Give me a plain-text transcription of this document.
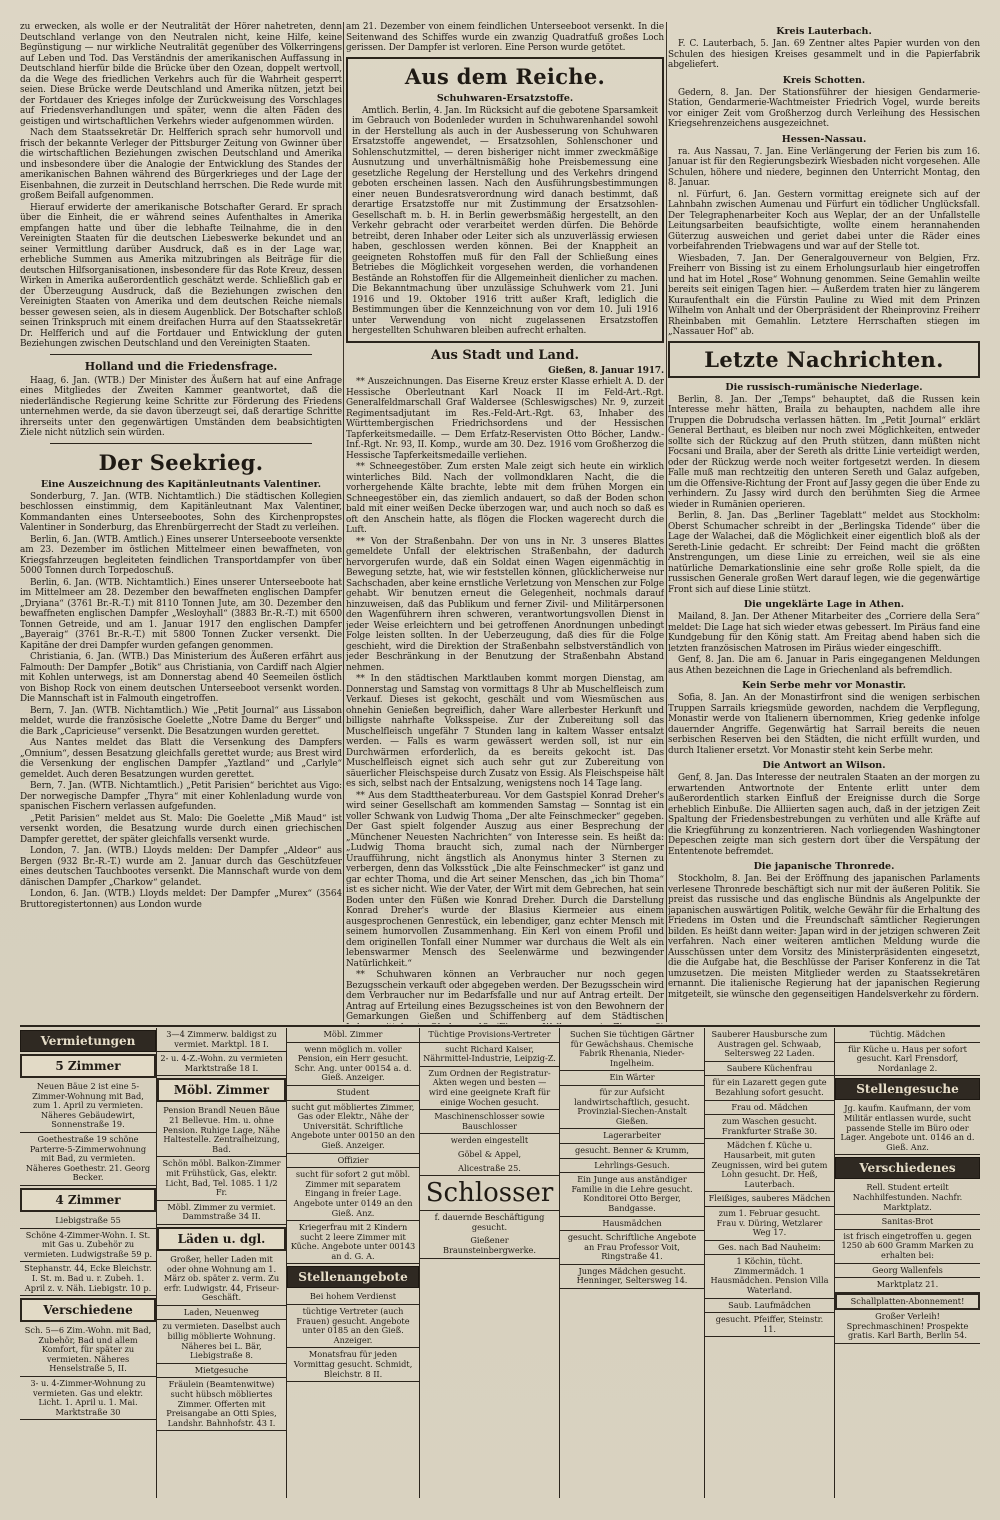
zu erwecken, als wolle er der Neutralität der Hörer nahetreten, denn Deutschland verlange von den Neutralen nicht, keine Hilfe, keine Begünstigung — nur wirkliche Neutralität gegenüber des Völkerringens auf Leben und Tod. Das Verständnis der amerikanischen Auffassung in Deutschland hierfür bilde die Brücke über den Ozean, doppelt wertvoll, da die Wege des friedlichen Verkehrs auch für die Wahrheit gesperrt seien. Diese Brücke werde Deutschland und Amerika nützen, jetzt bei der Fortdauer des Krieges infolge der Zurückweisung des Vorschlages auf Friedensverhandlungen und später, wenn die alten Fäden des geistigen und wirtschaftlichen Verkehrs wieder aufgenommen würden.

Nach dem Staatssekretär Dr. Helfferich sprach sehr humorvoll und frisch der bekannte Verleger der Pittsburger Zeitung von Gwinner über die wirtschaftlichen Beziehungen zwischen Deutschland und Amerika und insbesondere über die Analogie der Entwicklung des Standes der amerikanischen Bahnen während des Bürgerkrieges und der Lage der Eisenbahnen, die zurzeit in Deutschland herrschen. Die Rede wurde mit großem Beifall aufgenommen.

Hierauf erwiderte der amerikanische Botschafter Gerard. Er sprach über die Einheit, die er während seines Aufenthaltes in Amerika empfangen hatte und über die lebhafte Teilnahme, die in den Vereinigten Staaten für die deutschen Liebeswerke bekundet und an seiner Vermittlung darüber Ausdruck, daß es in der Lage war, erhebliche Summen aus Amerika mitzubringen als Beiträge für die deutschen Hilfsorganisationen, insbesondere für das Rote Kreuz, dessen Wirken in Amerika außerordentlich geschätzt werde. Schließlich gab er der Überzeugung Ausdruck, daß die Beziehungen zwischen den Vereinigten Staaten von Amerika und dem deutschen Reiche niemals besser gewesen seien, als in diesem Augenblick. Der Botschafter schloß seinen Trinkspruch mit einem dreifachen Hurra auf den Staatssekretär Dr. Helfferich und auf die Fortdauer und Entwicklung der guten Beziehungen zwischen Deutschland und den Vereinigten Staaten.

Holland und die Friedensfrage.

Haag, 6. Jan. (WTB.) Der Minister des Äußern hat auf eine Anfrage eines Mitgliedes der Zweiten Kammer geantwortet, daß die niederländische Regierung keine Schritte zur Förderung des Friedens unternehmen werde, da sie davon überzeugt sei, daß derartige Schritte ihrerseits unter den gegenwärtigen Umständen dem beabsichtigten Ziele nicht nützlich sein würden.

Der Seekrieg.
Eine Auszeichnung des Kapitänleutnants Valentiner.

Sonderburg, 7. Jan. (WTB. Nichtamtlich.) Die städtischen Kollegien beschlossen einstimmig, dem Kapitänleutnant Max Valentiner, Kommandanten eines Unterseebootes, Sohn des Kirchenpropstes Valentiner in Sonderburg, das Ehrenbürgerrecht der Stadt zu verleihen.

Berlin, 6. Jan. (WTB. Amtlich.) Eines unserer Unterseeboote versenkte am 23. Dezember im östlichen Mittelmeer einen bewaffneten, von Kriegsfahrzeugen begleiteten feindlichen Transportdampfer von über 5000 Tonnen durch Torpedoschuß.

Berlin, 6. Jan. (WTB. Nichtamtlich.) Eines unserer Unterseeboote hat im Mittelmeer am 28. Dezember den bewaffneten englischen Dampfer „Dryiana“ (3761 Br.-R.-T.) mit 8110 Tonnen Jute, am 30. Dezember den bewaffneten englischen Dampfer „Wesloyhall“ (3883 Br.-R.-T.) mit 6500 Tonnen Getreide, und am 1. Januar 1917 den englischen Dampfer „Bayeraig“ (3761 Br.-R.-T.) mit 5800 Tonnen Zucker versenkt. Die Kapitäne der drei Dampfer wurden gefangen genommen.

Christiania, 6. Jan. (WTB.) Das Ministerium des Äußeren erfährt aus Falmouth: Der Dampfer „Botik“ aus Christiania, von Cardiff nach Algier mit Kohlen unterwegs, ist am Donnerstag abend 40 Seemeilen östlich von Bishop Rock von einem deutschen Unterseeboot versenkt worden. Die Mannschaft ist in Falmouth eingetroffen.

Bern, 7. Jan. (WTB. Nichtamtlich.) Wie „Petit Journal“ aus Lissabon meldet, wurde die französische Goelette „Notre Dame du Berger“ und die Bark „Capricieuse“ versenkt. Die Besatzungen wurden gerettet.

Aus Nantes meldet das Blatt die Versenkung des Dampfers „Omnium“, dessen Besatzung gleichfalls gerettet wurde; aus Brest wird die Versenkung der englischen Dampfer „Yaztland“ und „Carlyle“ gemeldet. Auch deren Besatzungen wurden gerettet.

Bern, 7. Jan. (WTB. Nichtamtlich.) „Petit Parisien“ berichtet aus Vigo: Der norwegische Dampfer „Thyra“ mit einer Kohlenladung wurde von spanischen Fischern verlassen aufgefunden.

„Petit Parisien“ meldet aus St. Malo: Die Goelette „Miß Maud“ ist versenkt worden, die Besatzung wurde durch einen griechischen Dampfer gerettet, der später gleichfalls versenkt wurde.

London, 7. Jan. (WTB.) Lloyds melden: Der Dampfer „Aldeor“ aus Bergen (932 Br.-R.-T.) wurde am 2. Januar durch das Geschützfeuer eines deutschen Tauchbootes versenkt. Die Mannschaft wurde von dem dänischen Dampfer „Charkow“ gelandet.

London, 6. Jan. (WTB.) Lloyds meldet: Der Dampfer „Murex“ (3564 Bruttoregistertonnen) aus London wurde

am 21. Dezember von einem feindlichen Unterseeboot versenkt. In die Seitenwand des Schiffes wurde ein zwanzig Quadratfuß großes Loch gerissen. Der Dampfer ist verloren. Eine Person wurde getötet.

Aus dem Reiche.
Schuhwaren-Ersatzstoffe.

Amtlich. Berlin, 4. Jan. Im Rücksicht auf die gebotene Sparsamkeit im Gebrauch von Bodenleder wurden in Schuhwarenhandel sowohl in der Herstellung als auch in der Ausbesserung von Schuhwaren Ersatzstoffe angewendet, — Ersatzsohlen, Sohlenschoner und Sohlenschutzmittel, — deren bisheriger nicht immer zweckmäßige Ausnutzung und unverhältnismäßig hohe Preisbemessung eine gesetzliche Regelung der Herstellung und des Verkehrs dringend geboten erscheinen lassen. Nach den Ausführungsbestimmungen einer neuen Bundesratsverordnung wird danach bestimmt, daß derartige Ersatzstoffe nur mit Zustimmung der Ersatzsohlen-Gesellschaft m. b. H. in Berlin gewerbsmäßig hergestellt, an den Verkehr gebracht oder verarbeitet werden dürfen. Die Behörde betreibt, deren Inhaber oder Leiter sich als unzuverlässig erwiesen haben, geschlossen werden können. Bei der Knappheit an geeigneten Rohstoffen muß für den Fall der Schließung eines Betriebes die Möglichkeit vorgesehen werden, die vorhandenen Bestände an Rohstoffen für die Allgemeinheit dienlicher zu machen. Die Bekanntmachung über unzulässige Schuhwerk vom 21. Juni 1916 und 19. Oktober 1916 tritt außer Kraft, lediglich die Bestimmungen über die Kennzeichnung von vor dem 10. Juli 1916 unter Verwendung von nicht zugelassenen Ersatzstoffen hergestellten Schuhwaren bleiben aufrecht erhalten.

Aus Stadt und Land.

Gießen, 8. Januar 1917.

** Auszeichnungen. Das Eiserne Kreuz erster Klasse erhielt A. D. der Hessische Oberleutnant Karl Noack II im Feld-Art.-Rgt. Generalfeldmarschall Graf Waldersee (Schleswigsches) Nr. 9, zurzeit Regimentsadjutant im Res.-Feld-Art.-Rgt. 63, Inhaber des Württembergischen Friedrichsordens und der Hessischen Tapferkeitsmedaille. — Dem Erfatz-Reservisten Otto Böcher, Landw.-Inf.-Rgt. Nr. 93, II. Komp., wurde am 30. Dez. 1916 vom Großherzog die Hessische Tapferkeitsmedaille verliehen.

** Schneegestöber. Zum ersten Male zeigt sich heute ein wirklich winterliches Bild. Nach der vollmondklaren Nacht, die die vorhergehende Kälte brachte, lebte mit dem frühen Morgen ein Schneegestöber ein, das ziemlich andauert, so daß der Boden schon bald mit einer weißen Decke überzogen war, und auch noch so daß es oft den Anschein hatte, als flögen die Flocken wagerecht durch die Luft.

** Von der Straßenbahn. Der von uns in Nr. 3 unseres Blattes gemeldete Unfall der elektrischen Straßenbahn, der dadurch hervorgerufen wurde, daß ein Soldat einen Wagen eigenmächtig in Bewegung setzte, hat, wie wir feststellen können, glücklicherweise nur Sachschaden, aber keine ernstliche Verletzung von Menschen zur Folge gehabt. Wir benutzen erneut die Gelegenheit, nochmals darauf hinzuweisen, daß das Publikum und ferner Zivil- und Militärpersonen den Wagenführern ihren schweren, verantwortungsvollen Dienst in jeder Weise erleichtern und bei getroffenen Anordnungen unbedingt Folge leisten sollten. In der Ueberzeugung, daß dies für die Folge geschieht, wird die Direktion der Straßenbahn selbstverständlich von jeder Beschränkung in der Benutzung der Straßenbahn Abstand nehmen.

** In den städtischen Marktlauben kommt morgen Dienstag, am Donnerstag und Samstag von vormittags 8 Uhr ab Muschelfleisch zum Verkauf. Dieses ist gekocht, geschält und vom Wiesmüschen aus ohnehin Genießen begreiflich, daher Ware allerbester Herkunft und billigste nahrhafte Volksspeise. Zur der Zubereitung soll das Muschelfleisch ungefähr 7 Stunden lang in kaltem Wasser entsalzt werden. — Falls es warm gewässert werden soll, ist nur ein Durchwärmen erforderlich, da es bereits gekocht ist. Das Muschelfleisch eignet sich auch sehr gut zur Zubereitung von säuerlicher Fleischspeise durch Zusatz von Essig. Als Fleischspeise hält es sich, selbst nach der Entsalzung, wenigstens noch 14 Tage lang.

** Aus dem Stadttheaterbureau. Vor dem Gastspiel Konrad Dreher's wird seiner Gesellschaft am kommenden Samstag — Sonntag ist ein voller Schwank von Ludwig Thoma „Der alte Feinschmecker“ gegeben. Der Gast spielt folgender Auszug aus einer Besprechung der „Münchener Neuesten Nachrichten“ von Interesse sein. Es heißt da: „Ludwig Thoma braucht sich, zumal nach der Nürnberger Uraufführung, nicht ängstlich als Anonymus hinter 3 Sternen zu verbergen, denn das Volksstück „Die alte Feinschmecker“ ist ganz und gar echter Thoma, und die Art seiner Menschen, das „ich bin Thoma“ ist es sicher nicht. Wie der Vater, der Wirt mit dem Gebrechen, hat sein Boden unter den Füßen wie Konrad Dreher. Durch die Darstellung Konrad Dreher's wurde der Blasius Kiermeier aus einem ausgesprochenen Genrestück, ein lebendiger, ganz echter Mensch mit seinem humorvollen Zusammenhang. Ein Kerl von einem Profil und dem originellen Tonfall einer Nummer war durchaus die Welt als ein lebenswarmer Mensch des Seelenwärme und bezwingender Natürlichkeit.“

** Schuhwaren können an Verbraucher nur noch gegen Bezugsschein verkauft oder abgegeben werden. Der Bezugsschein wird dem Verbraucher nur im Bedarfsfalle und nur auf Antrag erteilt. Der Antrag auf Erteilung eines Bezugsscheines ist von den Bewohnern der Gemarkungen Gießen und Schiffenberg auf dem Städtischen

Kreis Lauterbach.

F. C. Lauterbach, 5. Jan. 69 Zentner altes Papier wurden von den Schulen des hiesigen Kreises gesammelt und in die Papierfabrik abgeliefert.

Kreis Schotten.

Gedern, 8. Jan. Der Stationsführer der hiesigen Gendarmerie-Station, Gendarmerie-Wachtmeister Friedrich Vogel, wurde bereits vor einiger Zeit vom Großherzog durch Verleihung des Hessischen Kriegsehrenzeichens ausgezeichnet.

Hessen-Nassau.

ra. Aus Nassau, 7. Jan. Eine Verlängerung der Ferien bis zum 16. Januar ist für den Regierungsbezirk Wiesbaden nicht vorgesehen. Alle Schulen, höhere und niedere, beginnen den Unterricht Montag, den 8. Januar.

nl. Fürfurt, 6. Jan. Gestern vormittag ereignete sich auf der Lahnbahn zwischen Aumenau und Fürfurt ein tödlicher Unglücksfall. Der Telegraphenarbeiter Koch aus Weplar, der an der Unfallstelle Leitungsarbeiten beaufsichtigte, wollte einem herannahenden Güterzug ausweichen und geriet dabei unter die Räder eines vorbeifahrenden Triebwagens und war auf der Stelle tot.

Wiesbaden, 7. Jan. Der Generalgouverneur von Belgien, Frz. Freiherr von Bissing ist zu einem Erholungsurlaub hier eingetroffen und hat im Hotel „Rose“ Wohnung genommen. Seine Gemahlin weilte bereits seit einigen Tagen hier. — Außerdem traten hier zu längerem Kuraufenthalt ein die Fürstin Pauline zu Wied mit dem Prinzen Wilhelm von Anhalt und der Oberpräsident der Rheinprovinz Freiherr Rheinbaben mit Gemahlin. Letztere Herrschaften stiegen im „Nassauer Hof“ ab.

Letzte Nachrichten.
Die russisch-rumänische Niederlage.

Berlin, 8. Jan. Der „Temps“ behauptet, daß die Russen kein Interesse mehr hätten, Braila zu behaupten, nachdem alle ihre Truppen die Dobrudscha verlassen hätten. Im „Petit Journal“ erklärt General Berthaut, es bleiben nur noch zwei Möglichkeiten, entweder sollte sich der Rückzug auf den Pruth stützen, dann müßten nicht Focsani und Braila, aber der Sereth als dritte Linie verteidigt werden, oder der Rückzug werde noch weiter fortgesetzt werden. In diesem Falle muß man rechtzeitig den unteren Sereth und Galaz aufgeben, um die Offensive-Richtung der Front auf Jassy gegen die über Ende zu verhindern. Zu Jassy wird durch den berühmten Sieg die Armee wieder in Rumänien operieren.

Berlin, 8. Jan. Das „Berliner Tageblatt“ meldet aus Stockholm: Oberst Schumacher schreibt in der „Berlingska Tidende“ über die Lage der Walachei, daß die Möglichkeit einer eigentlich bloß als der Sereth-Linie gedacht. Er schreibt: Der Feind macht die größten Anstrengungen, um diese Linie zu erreichen, weil sie als eine natürliche Demarkationslinie eine sehr große Rolle spielt, da die russischen Generale großen Wert darauf legen, wie die gegenwärtige Front sich auf diese Linie stützt.

Die ungeklärte Lage in Athen.

Mailand, 8. Jan. Der Athener Mitarbeiter des „Corriere della Sera“ meldet: Die Lage hat sich wieder etwas gebessert. Im Piräus fand eine Kundgebung für den König statt. Am Freitag abend haben sich die letzten französischen Matrosen im Piräus wieder eingeschifft.

Genf, 8. Jan. Die am 6. Januar in Paris eingegangenen Meldungen aus Athen bezeichnen die Lage in Griechenland als befremdlich.

Kein Serbe mehr vor Monastir.

Sofia, 8. Jan. An der Monastirfront sind die wenigen serbischen Truppen Sarrails kriegsmüde geworden, nachdem die Verpflegung, Monastir werde von Italienern übernommen, Krieg gedenke infolge dauernder Angriffe. Gegenwärtig hat Sarrail bereits die neuen serbischen Reserven bei den Städten, die nicht erfüllt wurden, und durch Italiener ersetzt. Vor Monastir steht kein Serbe mehr.

Die Antwort an Wilson.

Genf, 8. Jan. Das Interesse der neutralen Staaten an der morgen zu erwartenden Antwortnote der Entente erlitt unter dem außerordentlich starken Einfluß der Ereignisse durch die Sorge erheblich Einbuße. Die Alliierten sagen auch, daß in der jetzigen Zeit Spaltung der Friedensbestrebungen zu verhüten und alle Kräfte auf die Kriegführung zu konzentrieren. Nach vorliegenden Washingtoner Depeschen zeigte man sich gestern dort über die Verspätung der Ententenote befremdet.

Die japanische Thronrede.

Stockholm, 8. Jan. Bei der Eröffnung des japanischen Parlaments verlesene Thronrede beschäftigt sich nur mit der äußeren Politik. Sie preist das russische und das englische Bündnis als Angelpunkte der japanischen auswärtigen Politik, welche Gewähr für die Erhaltung des Friedens im Osten und die Freundschaft sämtlicher Regierungen bilden. Es heißt dann weiter: Japan wird in der jetzigen schweren Zeit verfahren. Nach einer weiteren amtlichen Meldung wurde die Ausschüssen unter dem Vorsitz des Ministerpräsidenten eingesetzt, die die Aufgabe hat, die Beschlüsse der Pariser Konferenz in die Tat umzusetzen. Die meisten Mitglieder werden zu Staatssekretären ernannt. Die italienische Regierung hat der japanischen Regierung mitgeteilt, sie wünsche den gegenseitigen Handelsverkehr zu fördern.

Vermietungen
5 Zimmer
Neuen Bäue 2 ist eine 5-Zimmer-Wohnung mit Bad, zum 1. April zu vermieten. Näheres Gebäudewirt, Sonnenstraße 19.
Goethestraße 19 schöne Parterre-5-Zimmerwohnung mit Bad, zu vermieten. Näheres Goethestr. 21. Georg Becker.
4 Zimmer
Liebigstraße 55
Schöne 4-Zimmer-Wohn. I. St. mit Gas u. Zubehör zu vermieten. Ludwigstraße 59 p.
Stephanstr. 44, Ecke Bleichstr. I. St. m. Bad u. r. Zubeh. 1. April z. v. Näh. Liebigstr. 10 p.
Verschiedene
Sch. 5—6 Zim.-Wohn. mit Bad, Zubehör, Bad und allem Komfort, für später zu vermieten. Näheres Henselstraße 5, II.
3- u. 4-Zimmer-Wohnung zu vermieten. Gas und elektr. Licht. 1. April u. 1. Mai. Marktstraße 30
3—4 Zimmerw. baldigst zu vermiet. Marktpl. 18 I.
2- u. 4-Z.-Wohn. zu vermieten Marktstraße 18 I.
Möbl. Zimmer
Pension Brandl Neuen Bäue 21 Bellevue. Hm. u. ohne Pension. Ruhige Lage, Nähe Haltestelle. Zentralheizung, Bad.
Schön möbl. Balkon-Zimmer mit Frühstück, Gas, elektr. Licht, Bad, Tel. 1085. 1 1/2 Fr.
Möbl. Zimmer zu vermiet. Dammstraße 34 II.
Läden u. dgl.
Großer, heller Laden mit oder ohne Wohnung am 1. März ob. später z. verm. Zu erfr. Ludwigstr. 44, Friseur-Geschäft.
Laden, Neuenweg
zu vermieten. Daselbst auch billig möblierte Wohnung. Näheres bei L. Bär, Liebigstraße 8.
Mietgesuche
Fräulein (Beamtenwitwe) sucht hübsch möbliertes Zimmer. Offerten mit Preisangabe an Otti Spies, Landshr. Bahnhofstr. 43 I.
Möbl. Zimmer
wenn möglich m. voller Pension, ein Herr gesucht. Schr. Ang. unter 00154 a. d. Gieß. Anzeiger.
Student
sucht gut möbliertes Zimmer, Gas oder Elektr., Nähe der Universität. Schriftliche Angebote unter 00150 an den Gieß. Anzeiger.
Offizier
sucht für sofort 2 gut möbl. Zimmer mit separatem Eingang in freier Lage. Angebote unter 0149 an den Gieß. Anz.
Kriegerfrau mit 2 Kindern sucht 2 leere Zimmer mit Küche. Angebote unter 00143 an d. G. A.
Stellenangebote
Bei hohem Verdienst
tüchtige Vertreter (auch Frauen) gesucht. Angebote unter 0185 an den Gieß. Anzeiger.
Monatsfrau für jeden Vormittag gesucht. Schmidt, Bleichstr. 8 II.
Tüchtige Provisions-Vertreter
sucht Richard Kaiser, Nährmittel-Industrie, Leipzig-Z.
Zum Ordnen der Registratur-Akten wegen und besten — wird eine geeignete Kraft für einige Wochen gesucht.
Maschinenschlosser sowie Bauschlosser
werden eingestellt
Göbel & Appel,
Alicestraße 25.
Schlosser
f. dauernde Beschäftigung gesucht.
Gießener Braunsteinbergwerke.
Suchen Sie tüchtigen Gärtner für Gewächshaus. Chemische Fabrik Rhenania, Nieder-Ingelheim.
Ein Wärter
für zur Aufsicht landwirtschaftlich, gesucht. Provinzial-Siechen-Anstalt Gießen.
Lagerarbeiter
gesucht. Benner & Krumm,
Lehrlings-Gesuch.
Ein Junge aus anständiger Familie in die Lehre gesucht. Konditorei Otto Berger, Bandgasse.
Hausmädchen
gesucht. Schriftliche Angebote an Frau Professor Voit, Ringstraße 41.
Junges Mädchen gesucht. Henninger, Seltersweg 14.
Sauberer Hausbursche zum Austragen gel. Schwaab, Seltersweg 22 Laden.
Saubere Küchenfrau
für ein Lazarett gegen gute Bezahlung sofort gesucht.
Frau od. Mädchen
zum Waschen gesucht. Frankfurter Straße 30.
Mädchen f. Küche u. Hausarbeit, mit guten Zeugnissen, wird bei gutem Lohn gesucht. Dr. Heß, Lauterbach.
Fleißiges, sauberes Mädchen
zum 1. Februar gesucht. Frau v. Düring, Wetzlarer Weg 17.
Ges. nach Bad Nauheim:
1 Köchin, tücht. Zimmermädch. 1 Hausmädchen. Pension Villa Waterland.
Saub. Laufmädchen
gesucht. Pfeiffer, Steinstr. 11.
Tüchtig. Mädchen
für Küche u. Haus per sofort gesucht. Karl Frensdorf, Nordanlage 2.
Stellengesuche
Jg. kaufm. Kaufmann, der vom Militär entlassen wurde, sucht passende Stelle im Büro oder Lager. Angebote unt. 0146 an d. Gieß. Anz.
Verschiedenes
Rell. Student erteilt Nachhilfestunden. Nachfr. Marktplatz.
Sanitas-Brot
ist frisch eingetroffen u. gegen 1250 ab 600 Gramm Marken zu erhalten bei:
Georg Wallenfels
Marktplatz 21.
Schallplatten-Abonnement!
Großer Verleih! Sprechmaschinen! Prospekte gratis. Karl Barth, Berlin 54.
